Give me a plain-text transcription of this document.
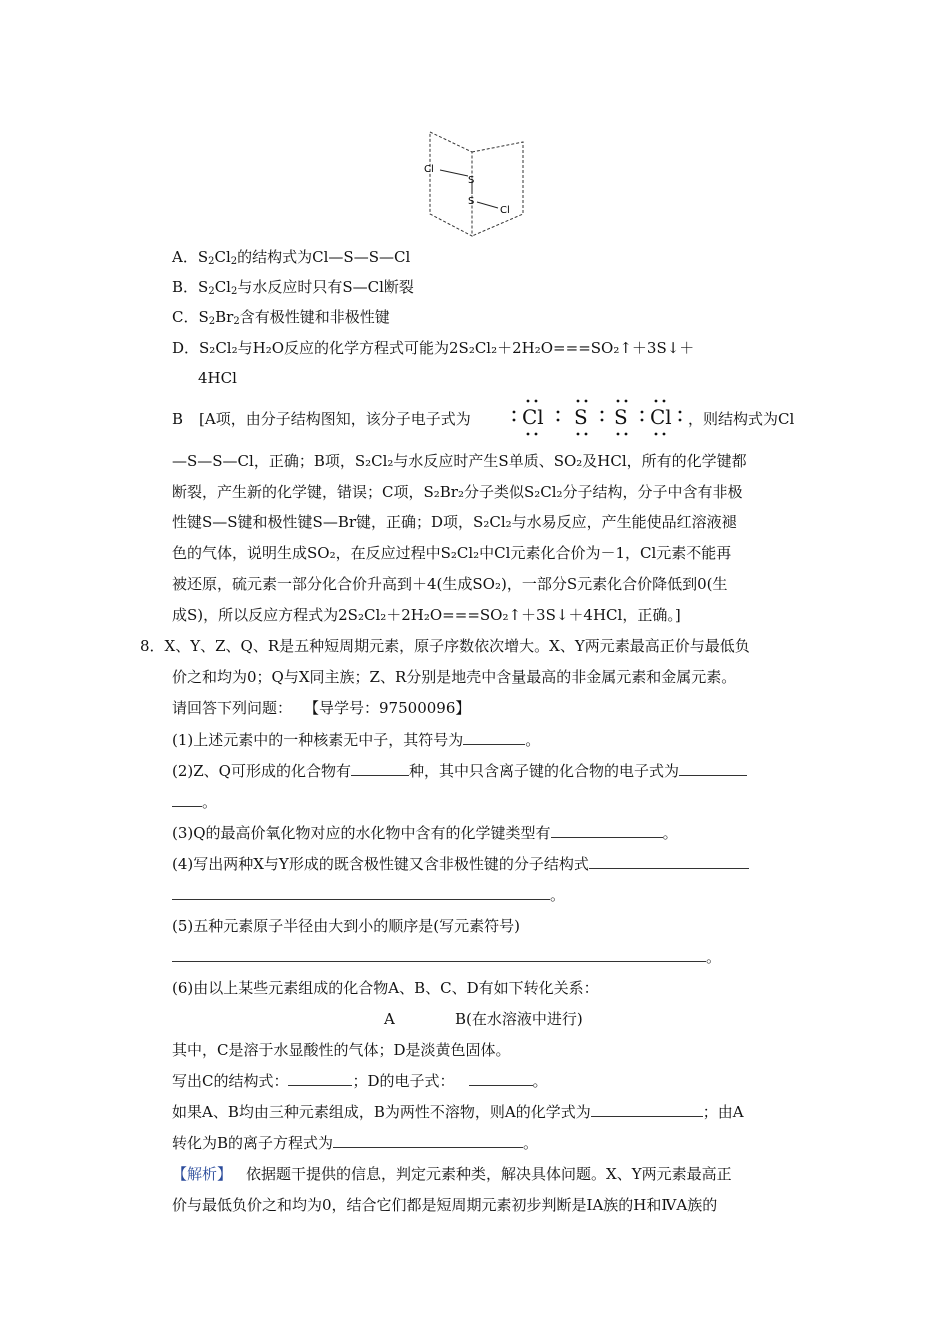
Cl
S
S
Cl
A．$S_2Cl_2$的结构式为Cl—S—S—Cl
B．$S_2Cl_2$与水反应时只有S—Cl断裂
C．$S_2Br_2$含有极性键和非极性键
D．S₂Cl₂与H₂O反应的化学方程式可能为2S₂Cl₂＋2H₂O===SO₂↑＋3S↓＋
4HCl
B [A项，由分子结构图知，该分子电子式为	Cl S S Cl ，则结构式为Cl
—S—S—Cl，正确；B项，S₂Cl₂与水反应时产生S单质、SO₂及HCl，所有的化学键都
断裂，产生新的化学键，错误；C项，S₂Br₂分子类似S₂Cl₂分子结构，分子中含有非极
性键S—S键和极性键S—Br键，正确；D项，S₂Cl₂与水易反应，产生能使品红溶液褪
色的气体，说明生成SO₂，在反应过程中S₂Cl₂中Cl元素化合价为－1，Cl元素不能再
被还原，硫元素一部分化合价升高到＋4(生成SO₂)，一部分S元素化合价降低到0(生
成S)，所以反应方程式为2S₂Cl₂＋2H₂O===SO₂↑＋3S↓＋4HCl，正确。]
8．X、Y、Z、Q、R是五种短周期元素，原子序数依次增大。X、Y两元素最高正价与最低负
价之和均为0；Q与X同主族；Z、R分别是地壳中含量最高的非金属元素和金属元素。
请回答下列问题： 【导学号：97500096】
(1)上述元素中的一种核素无中子，其符号为	。
(2)Z、Q可形成的化合物有	种，其中只含离子键的化合物的电子式为
。
(3)Q的最高价氧化物对应的水化物中含有的化学键类型有	。
(4)写出两种X与Y形成的既含极性键又含非极性键的分子结构式
。
(5)五种元素原子半径由大到小的顺序是(写元素符号)
。
(6)由以上某些元素组成的化合物A、B、C、D有如下转化关系：
A	B(在水溶液中进行)
其中，C是溶于水显酸性的气体；D是淡黄色固体。
写出C的结构式：	；D的电子式：	。
如果A、B均由三种元素组成，B为两性不溶物，则A的化学式为	；由A
转化为B的离子方程式为	。
【解析】 依据题干提供的信息，判定元素种类，解决具体问题。X、Y两元素最高正
价与最低负价之和均为0，结合它们都是短周期元素初步判断是ⅠA族的H和ⅣA族的
